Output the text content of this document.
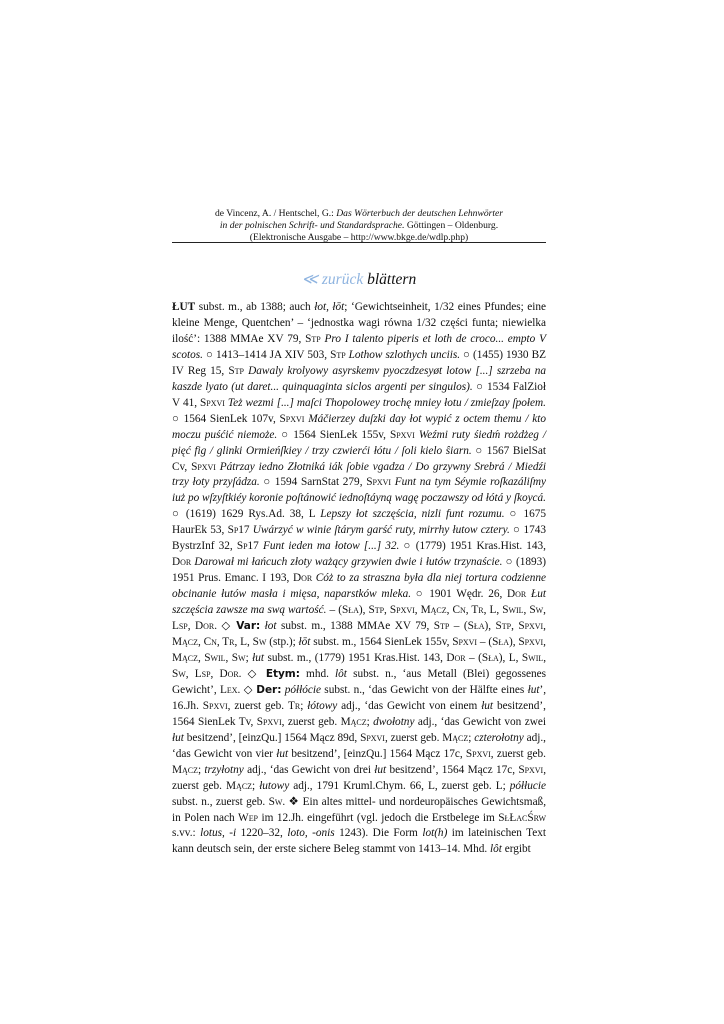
de Vincenz, A. / Hentschel, G.: Das Wörterbuch der deutschen Lehnwörter
in der polnischen Schrift- und Standardsprache. Göttingen – Oldenburg.
(Elektronische Ausgabe – http://www.bkge.de/wdlp.php)
≪ zurück blättern

ŁUT subst. m., ab 1388; auch łot, łōt; ‘Gewichtseinheit, 1/32 eines Pfundes; eine kleine Menge, Quentchen’ – ‘jednostka wagi równa 1/32 części funta; niewielka ilość’: 1388 MMAe XV 79, Stp Pro I talento piperis et loth de croco... empto V scotos. ○ 1413–1414 JA XIV 503, Stp Lothow szlothych unciis. ○ (1455) 1930 BZ IV Reg 15, Stp Dawaly krolyowy asyrskemv pyoczdzesyøt lotow [...] szrzeba na kaszde lyato (ut daret... quinquaginta siclos argenti per singulos). ○ 1534 FalZioł V 41, Spxvi Też wezmi [...] maſci Thopolowey trochę mniey łotu / zmieſzay ſpołem. ○ 1564 SienLek 107v, Spxvi Máčierzey duſzki day łot wypić z octem themu / kto moczu puśćić niemoże. ○ 1564 SienLek 155v, Spxvi Weźmi ruty śiedḿ rożdżeg / pięć fig / glinki Ormieńſkiey / trzy czwierći łótu / ſoli kielo ŝiarn. ○ 1567 BielSat Cv, Spxvi Pátrzay iedno Złotniká iák ſobie vgadza / Do grzywny Srebrá / Miedźi trzy łoty przyſádza. ○ 1594 SarnStat 279, Spxvi Funt na tym Séymie roſkazáliſmy iuż po wſzyſtkiéy koronie poſtánowić iednoſtáyną wagę poczawszy od łótá y ſkoycá. ○ (1619) 1629 Rys.Ad. 38, L Lepszy łot szczęścia, nizli funt rozumu. ○ 1675 HaurEk 53, Sp17 Uwárzyć w winie ſtárym garść ruty, mirrhy łutow cztery. ○ 1743 BystrzInf 32, Sp17 Funt ieden ma łotow [...] 32. ○ (1779) 1951 Kras.Hist. 143, Dor Darował mi łańcuch złoty ważący grzywien dwie i łutów trzynaście. ○ (1893) 1951 Prus. Emanc. I 193, Dor Cóż to za straszna była dla niej tortura codzienne obcinanie łutów masła i mięsa, naparstków mleka. ○ 1901 Wędr. 26, Dor Łut szczęścia zawsze ma swą wartość. – (Sła), Stp, Spxvi, Mącz, Cn, Tr, L, Swil, Sw, Lsp, Dor. ◇ Var: łot subst. m., 1388 MMAe XV 79, Stp – (Sła), Stp, Spxvi, Mącz, Cn, Tr, L, Sw (stp.); łōt subst. m., 1564 SienLek 155v, Spxvi – (Sła), Spxvi, Mącz, Swil, Sw; łut subst. m., (1779) 1951 Kras.Hist. 143, Dor – (Sła), L, Swil, Sw, Lsp, Dor. ◇ Etym: mhd. lôt subst. n., ‘aus Metall (Blei) gegossenes Gewicht’, Lex. ◇ Der: półłócie subst. n., ‘das Gewicht von der Hälfte eines łut’, 16.Jh. Spxvi, zuerst geb. Tr; łótowy adj., ‘das Gewicht von einem łut besitzend’, 1564 SienLek Tv, Spxvi, zuerst geb. Mącz; dwołotny adj., ‘das Gewicht von zwei łut besitzend’, [einzQu.] 1564 Mącz 89d, Spxvi, zuerst geb. Mącz; czterołotny adj., ‘das Gewicht von vier łut besitzend’, [einzQu.] 1564 Mącz 17c, Spxvi, zuerst geb. Mącz; trzyłotny adj., ‘das Gewicht von drei łut besitzend’, 1564 Mącz 17c, Spxvi, zuerst geb. Mącz; łutowy adj., 1791 Kruml.Chym. 66, L, zuerst geb. L; półłucie subst. n., zuerst geb. Sw. ❖ Ein altes mittel- und nordeuropäisches Gewichtsmaß, in Polen nach Wep im 12.Jh. eingeführt (vgl. jedoch die Erstbelege im SłŁacŚrw s.vv.: lotus, -i 1220–32, loto, -onis 1243). Die Form lot(h) im lateinischen Text kann deutsch sein, der erste sichere Beleg stammt von 1413–14. Mhd. lôt ergibt
